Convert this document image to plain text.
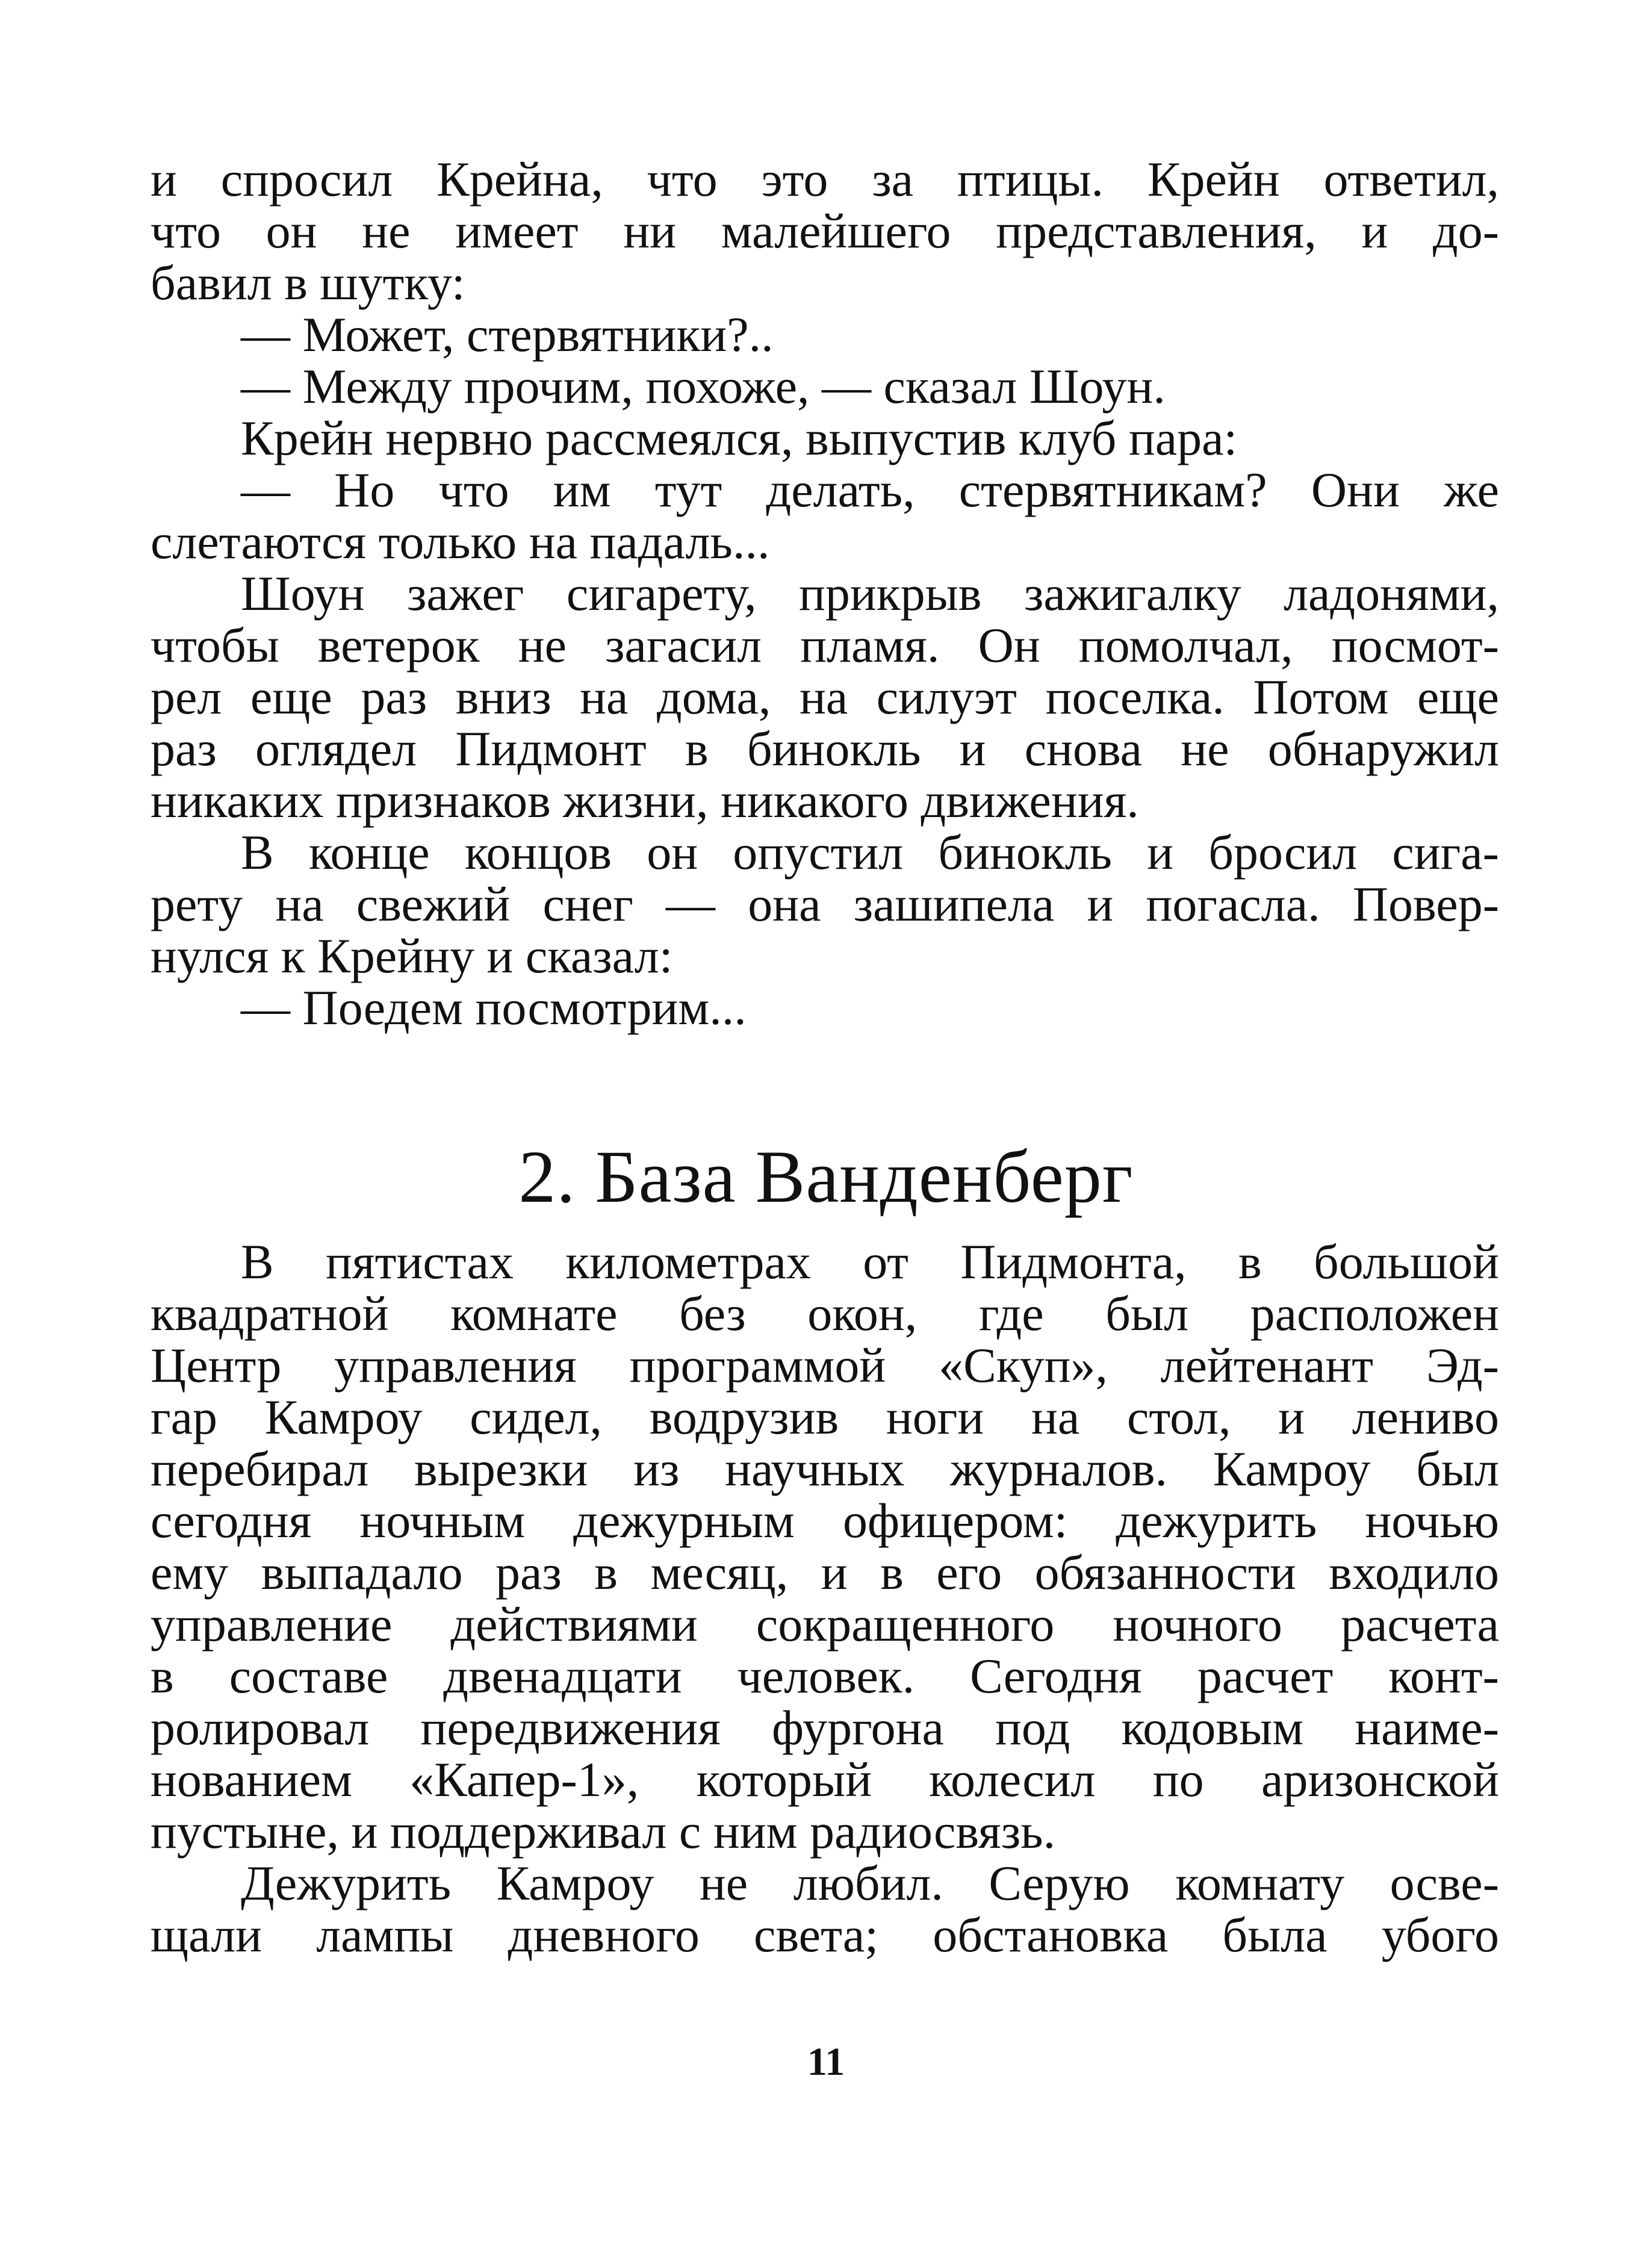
и спросил Крейна, что это за птицы. Крейн ответил,
что он не имеет ни малейшего представления, и до-
бавил в шутку:
— Может, стервятники?..
— Между прочим, похоже, — сказал Шоун.
Крейн нервно рассмеялся, выпустив клуб пара:
— Но что им тут делать, стервятникам? Они же
слетаются только на падаль...
Шоун зажег сигарету, прикрыв зажигалку ладонями,
чтобы ветерок не загасил пламя. Он помолчал, посмот-
рел еще раз вниз на дома, на силуэт поселка. Потом еще
раз оглядел Пидмонт в бинокль и снова не обнаружил
никаких признаков жизни, никакого движения.
В конце концов он опустил бинокль и бросил сига-
рету на свежий снег — она зашипела и погасла. Повер-
нулся к Крейну и сказал:
— Поедем посмотрим...
2. База Ванденберг
В пятистах километрах от Пидмонта, в большой
квадратной комнате без окон, где был расположен
Центр управления программой «Скуп», лейтенант Эд-
гар Камроу сидел, водрузив ноги на стол, и лениво
перебирал вырезки из научных журналов. Камроу был
сегодня ночным дежурным офицером: дежурить ночью
ему выпадало раз в месяц, и в его обязанности входило
управление действиями сокращенного ночного расчета
в составе двенадцати человек. Сегодня расчет конт-
ролировал передвижения фургона под кодовым наиме-
нованием «Капер-1», который колесил по аризонской
пустыне, и поддерживал с ним радиосвязь.
Дежурить Камроу не любил. Серую комнату осве-
щали лампы дневного света; обстановка была убого
11
